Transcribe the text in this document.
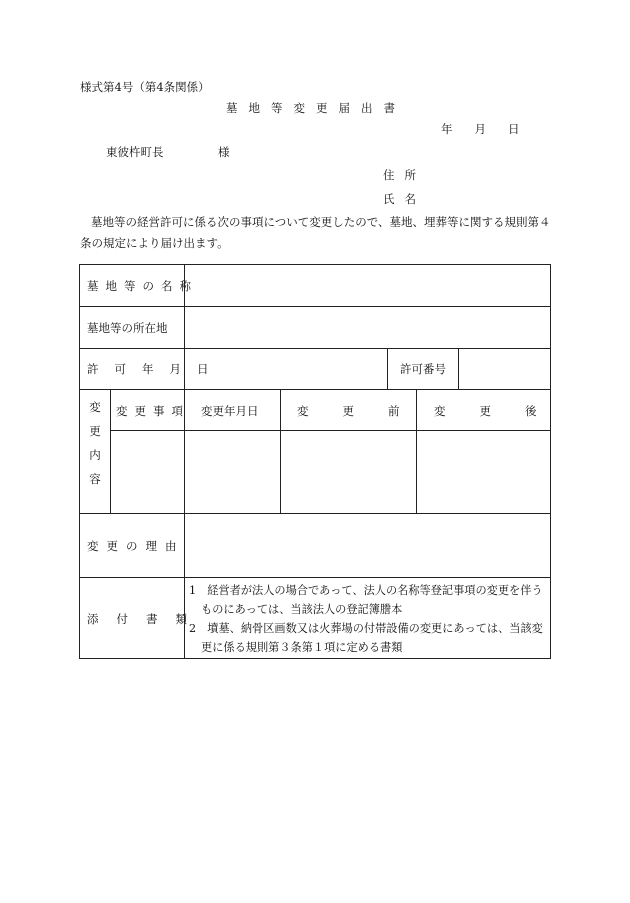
様式第4号（第4条関係）
墓地等変更届出書
年 月 日
東彼杵町長	様
住所
氏名
墓地等の経営許可に係る次の事項について変更したので、墓地、埋葬等に関する規則第４条の規定により届け出ます。
墓地等の名称
墓地等の所在地
許可年月日	許可番号
変更内容
変更事項 変更年月日	変更前 変更後
変更の理由
添付書類
1　経営者が法人の場合であって、法人の名称等登記事項の変更を伴うものにあっては、当該法人の登記簿謄本
2　墳墓、納骨区画数又は火葬場の付帯設備の変更にあっては、当該変更に係る規則第３条第１項に定める書類
